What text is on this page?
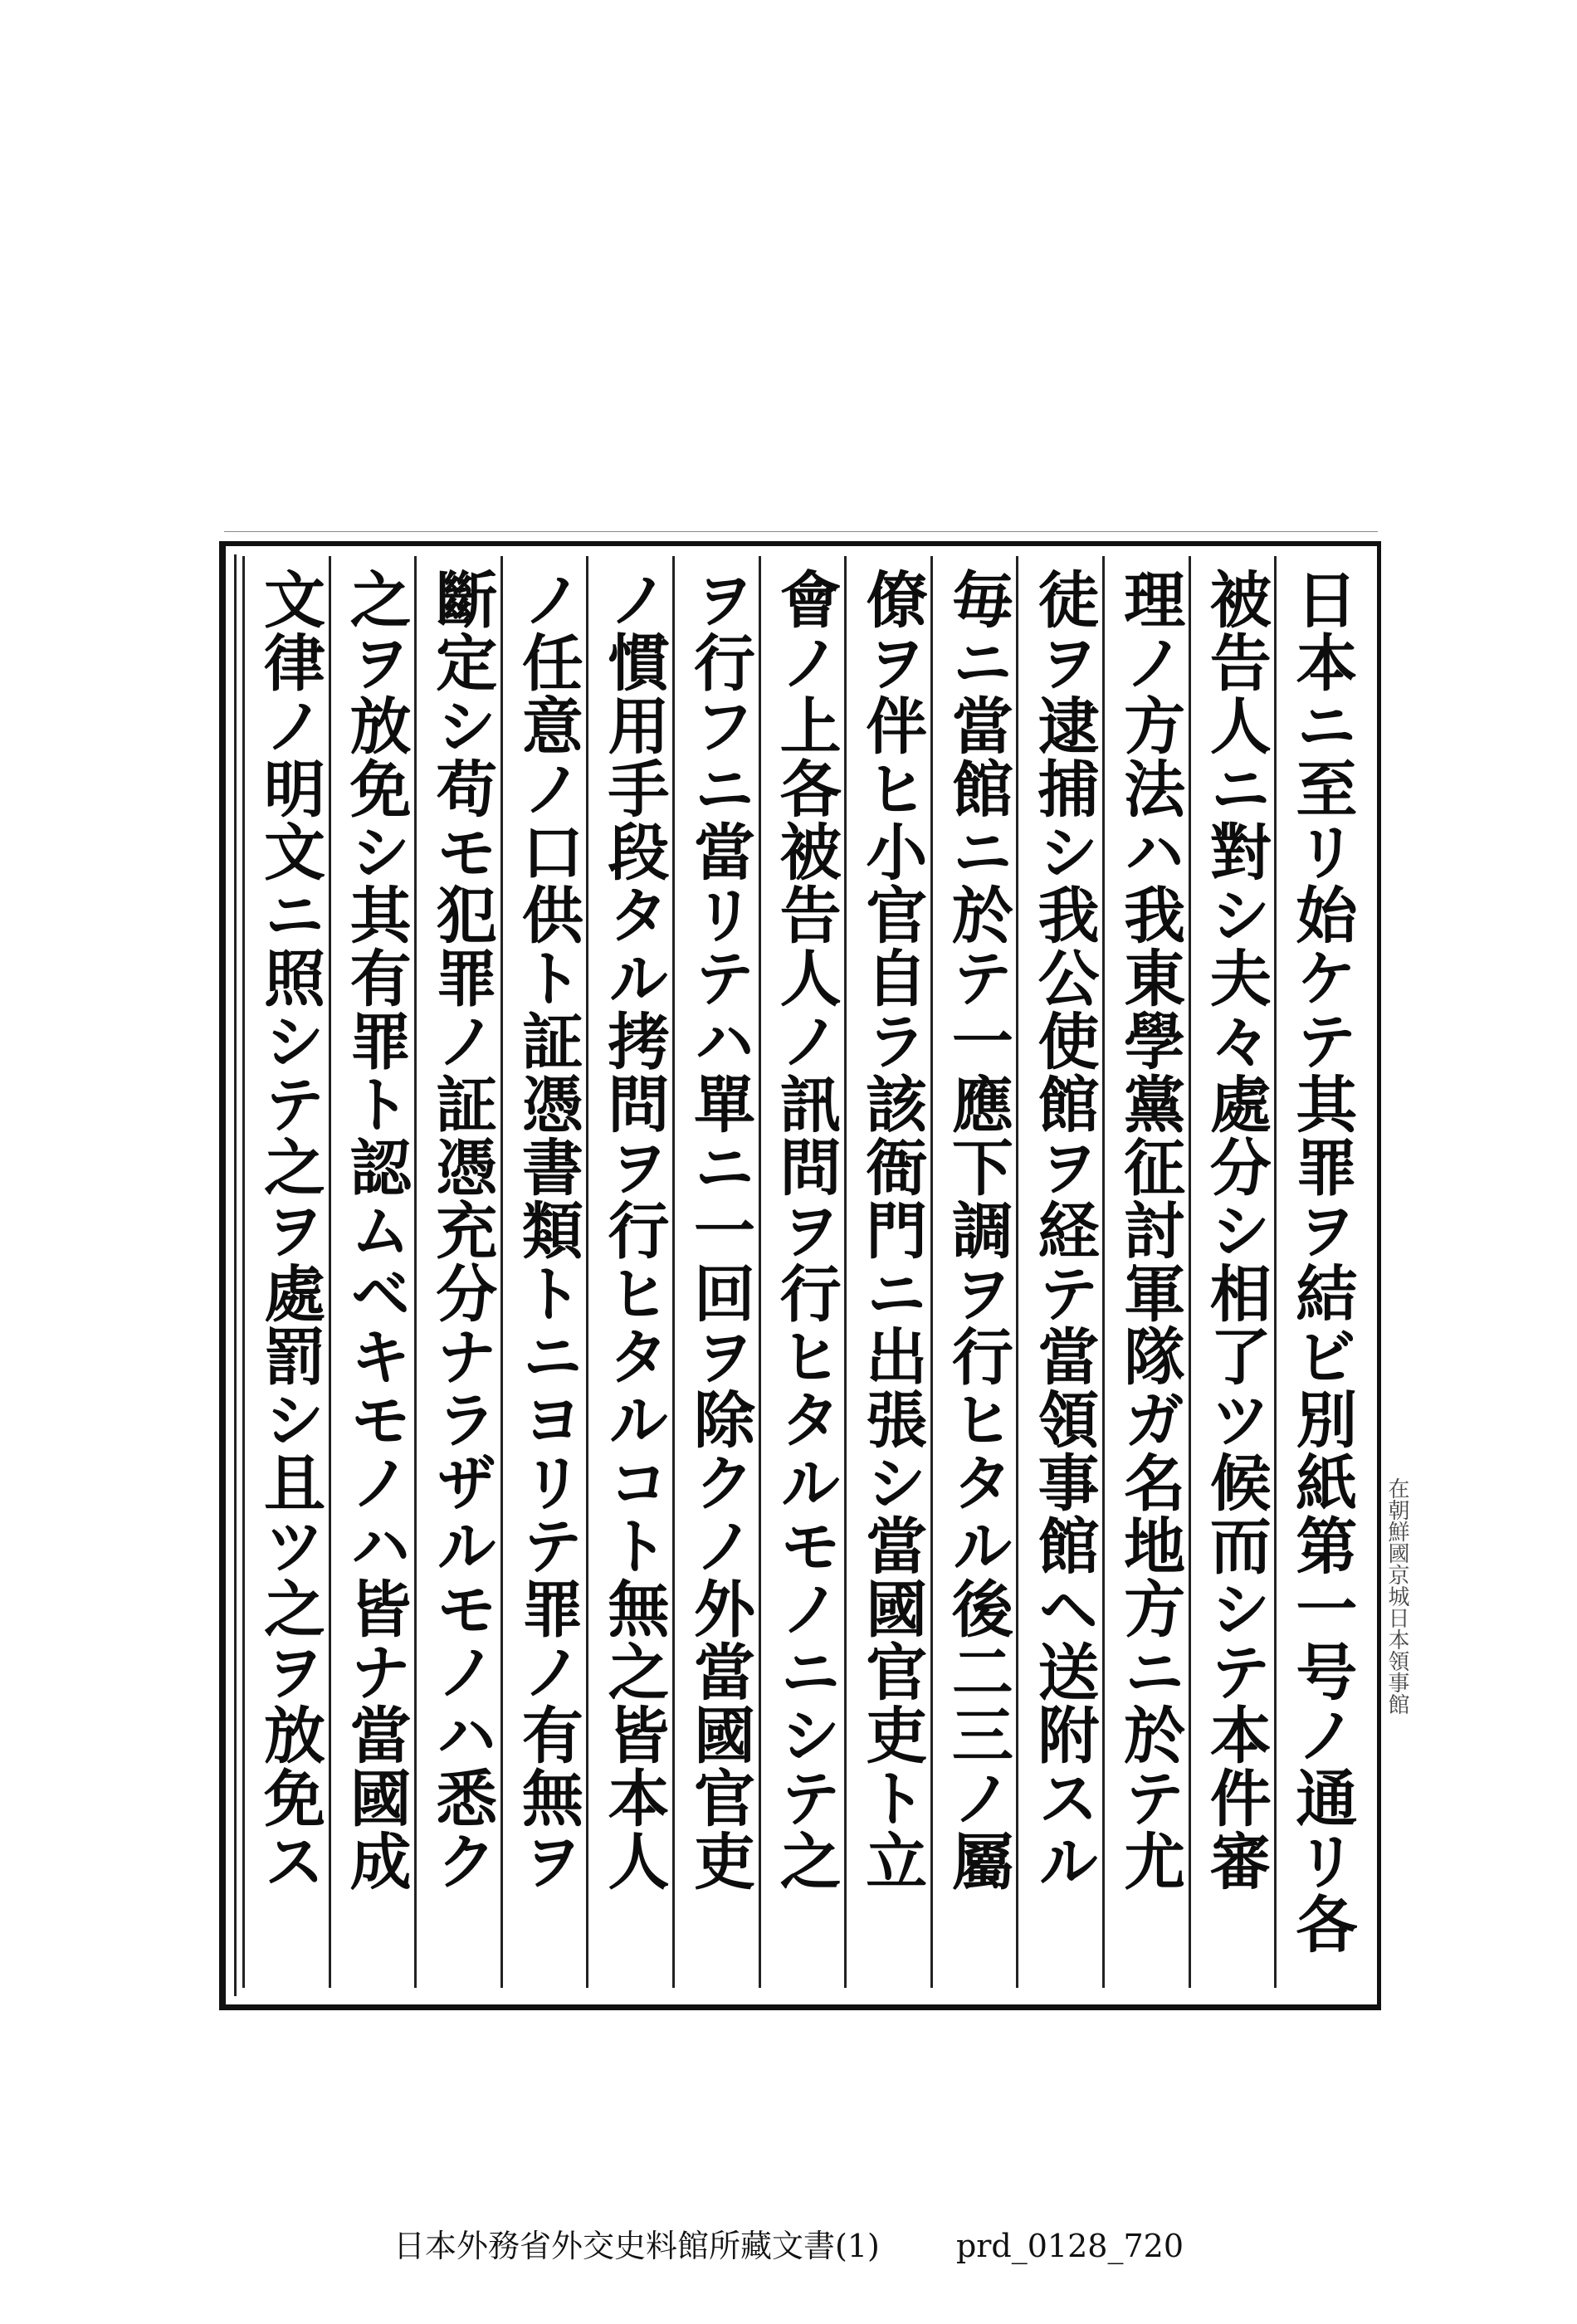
日本ニ至リ始ケテ其罪ヲ結ビ別紙第一号ノ通リ各
被告人ニ對シ夫々處分シ相了ツ候而シテ本件審
理ノ方法ハ我東學黨征討軍隊ガ名地方ニ於テ尤
徒ヲ逮捕シ我公使館ヲ経テ當領事館ヘ送附スル
毎ニ當館ニ於テ一應下調ヲ行ヒタル後二三ノ屬
僚ヲ伴ヒ小官自ラ該衙門ニ出張シ當國官吏ト立
會ノ上各被告人ノ訊問ヲ行ヒタルモノニシテ之
ヲ行フニ當リテハ單ニ一回ヲ除クノ外當國官吏
ノ慣用手段タル拷問ヲ行ヒタルコト無之皆本人
ノ任意ノ口供ト証憑書類トニヨリテ罪ノ有無ヲ
斷定シ苟モ犯罪ノ証憑充分ナラザルモノハ悉ク
之ヲ放免シ其有罪ト認ムベキモノハ皆ナ當國成
文律ノ明文ニ照シテ之ヲ處罰シ且ツ之ヲ放免ス	在朝鮮國京城日本領事館
日本外務省外交史料館所藏文書(1) prd_0128_720
